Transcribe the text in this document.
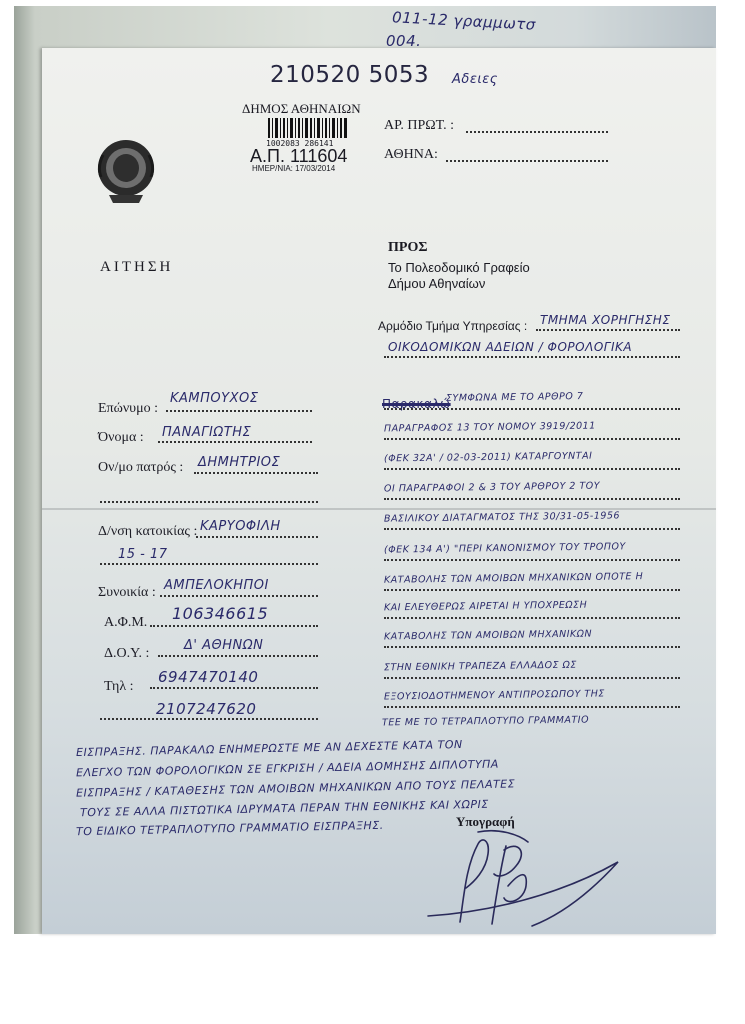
011-12 γραμμωτσ
004.
210520 5053 Αδειες
ΔΗΜΟΣ ΑΘΗΝΑΙΩΝ
1002083 286141
Α.Π. 111604
ΗΜΕΡ/ΝΙΑ: 17/03/2014
ΑΡ. ΠΡΩΤ. :
ΑΘΗΝΑ:
ΑΙΤΗΣΗ
ΠΡΟΣ
Το Πολεοδομικό Γραφείο
Δήμου Αθηναίων
Αρμόδιο Τμήμα Υπηρεσίας : ΤΜΗΜΑ ΧΟΡΗΓΗΣΗΣ
ΟΙΚΟΔΟΜΙΚΩΝ ΑΔΕΙΩΝ / ΦΟΡΟΛΟΓΙΚΑ
Επώνυμο :
ΚΑΜΠΟΥΧΟΣ
Όνομα : ΠΑΝΑΓΙΩΤΗΣ
Ον/μο πατρός : ΔΗΜΗΤΡΙΟΣ
Δ/νση κατοικίας : ΚΑΡΥΟΦΙΛΗ
15 - 17
Συνοικία : ΑΜΠΕΛΟΚΗΠΟΙ
Α.Φ.Μ. 106346615
Δ.Ο.Υ. :
Δ' ΑΘΗΝΩΝ
Τηλ :
6947470140
2107247620
Παρακαλώ
ΣΥΜΦΩΝΑ ΜΕ ΤΟ ΑΡΘΡΟ 7
ΠΑΡΑΓΡΑΦΟΣ 13 ΤΟΥ ΝΟΜΟΥ 3919/2011
(ΦΕΚ 32Α' / 02-03-2011) ΚΑΤΑΡΓΟΥΝΤΑΙ
ΟΙ ΠΑΡΑΓΡΑΦΟΙ 2 & 3 ΤΟΥ ΑΡΘΡΟΥ 2 ΤΟΥ
ΒΑΣΙΛΙΚΟΥ ΔΙΑΤΑΓΜΑΤΟΣ ΤΗΣ 30/31-05-1956
(ΦΕΚ 134 Α') "ΠΕΡΙ ΚΑΝΟΝΙΣΜΟΥ ΤΟΥ ΤΡΟΠΟΥ
ΚΑΤΑΒΟΛΗΣ ΤΩΝ ΑΜΟΙΒΩΝ ΜΗΧΑΝΙΚΩΝ ΟΠΟΤΕ Η
ΚΑΙ ΕΛΕΥΘΕΡΩΣ ΑΙΡΕΤΑΙ Η ΥΠΟΧΡΕΩΣΗ
ΚΑΤΑΒΟΛΗΣ ΤΩΝ ΑΜΟΙΒΩΝ ΜΗΧΑΝΙΚΩΝ
ΣΤΗΝ ΕΘΝΙΚΗ ΤΡΑΠΕΖΑ ΕΛΛΑΔΟΣ ΩΣ
ΕΞΟΥΣΙΟΔΟΤΗΜΕΝΟΥ ΑΝΤΙΠΡΟΣΩΠΟΥ ΤΗΣ
ΤΕΕ ΜΕ ΤΟ ΤΕΤΡΑΠΛΟΤΥΠΟ ΓΡΑΜΜΑΤΙΟ
ΕΙΣΠΡΑΞΗΣ. ΠΑΡΑΚΑΛΩ ΕΝΗΜΕΡΩΣΤΕ ΜΕ ΑΝ ΔΕΧΕΣΤΕ ΚΑΤΑ ΤΟΝ
ΕΛΕΓΧΟ ΤΩΝ ΦΟΡΟΛΟΓΙΚΩΝ ΣΕ ΕΓΚΡΙΣΗ / ΑΔΕΙΑ ΔΟΜΗΣΗΣ ΔΙΠΛΟΤΥΠΑ
ΕΙΣΠΡΑΞΗΣ / ΚΑΤΑΘΕΣΗΣ ΤΩΝ ΑΜΟΙΒΩΝ ΜΗΧΑΝΙΚΩΝ ΑΠΟ ΤΟΥΣ ΠΕΛΑΤΕΣ
ΤΟΥΣ ΣΕ ΑΛΛΑ ΠΙΣΤΩΤΙΚΑ ΙΔΡΥΜΑΤΑ ΠΕΡΑΝ ΤΗΝ ΕΘΝΙΚΗΣ ΚΑΙ ΧΩΡΙΣ
ΤΟ ΕΙΔΙΚΟ ΤΕΤΡΑΠΛΟΤΥΠΟ ΓΡΑΜΜΑΤΙΟ ΕΙΣΠΡΑΞΗΣ.	Υπογραφή
